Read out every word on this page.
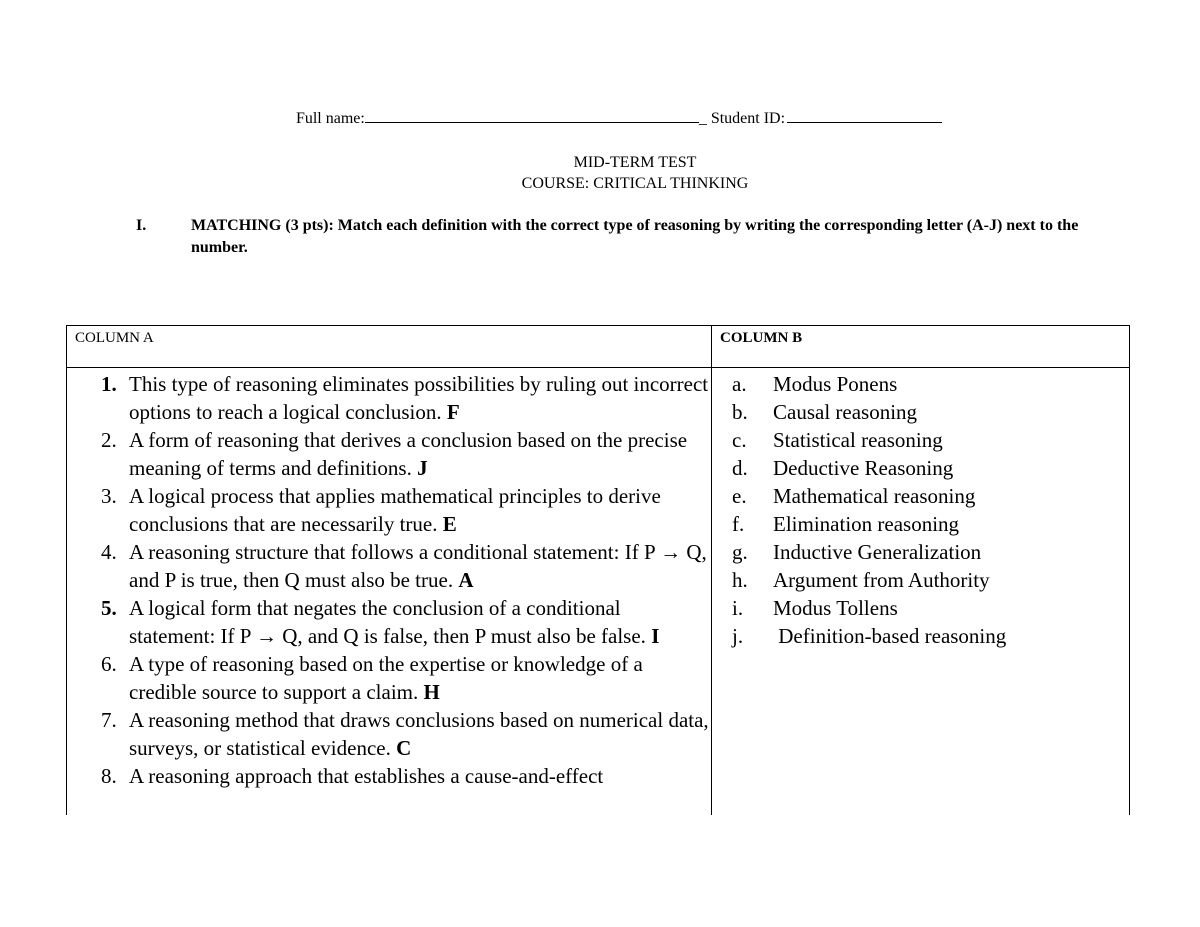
Full name:	_ Student ID:
MID-TERM TEST
COURSE: CRITICAL THINKING
I.	MATCHING (3 pts): Match each definition with the correct type of reasoning by writing the corresponding letter (A-J) next to the number.
COLUMN A	COLUMN B
1. This type of reasoning eliminates possibilities by ruling out incorrect options to reach a logical conclusion. F
2. A form of reasoning that derives a conclusion based on the precise meaning of terms and definitions. J
3. A logical process that applies mathematical principles to derive conclusions that are necessarily true. E
4. A reasoning structure that follows a conditional statement: If P → Q, and P is true, then Q must also be true. A
5. A logical form that negates the conclusion of a conditional statement: If P → Q, and Q is false, then P must also be false. I
6. A type of reasoning based on the expertise or knowledge of a credible source to support a claim. H
7. A reasoning method that draws conclusions based on numerical data, surveys, or statistical evidence. C
8. A reasoning approach that establishes a cause-and-effect
a. Modus Ponens
b. Causal reasoning
c. Statistical reasoning
d. Deductive Reasoning
e. Mathematical reasoning
f. Elimination reasoning
g. Inductive Generalization
h. Argument from Authority
i. Modus Tollens
j. Definition-based reasoning
